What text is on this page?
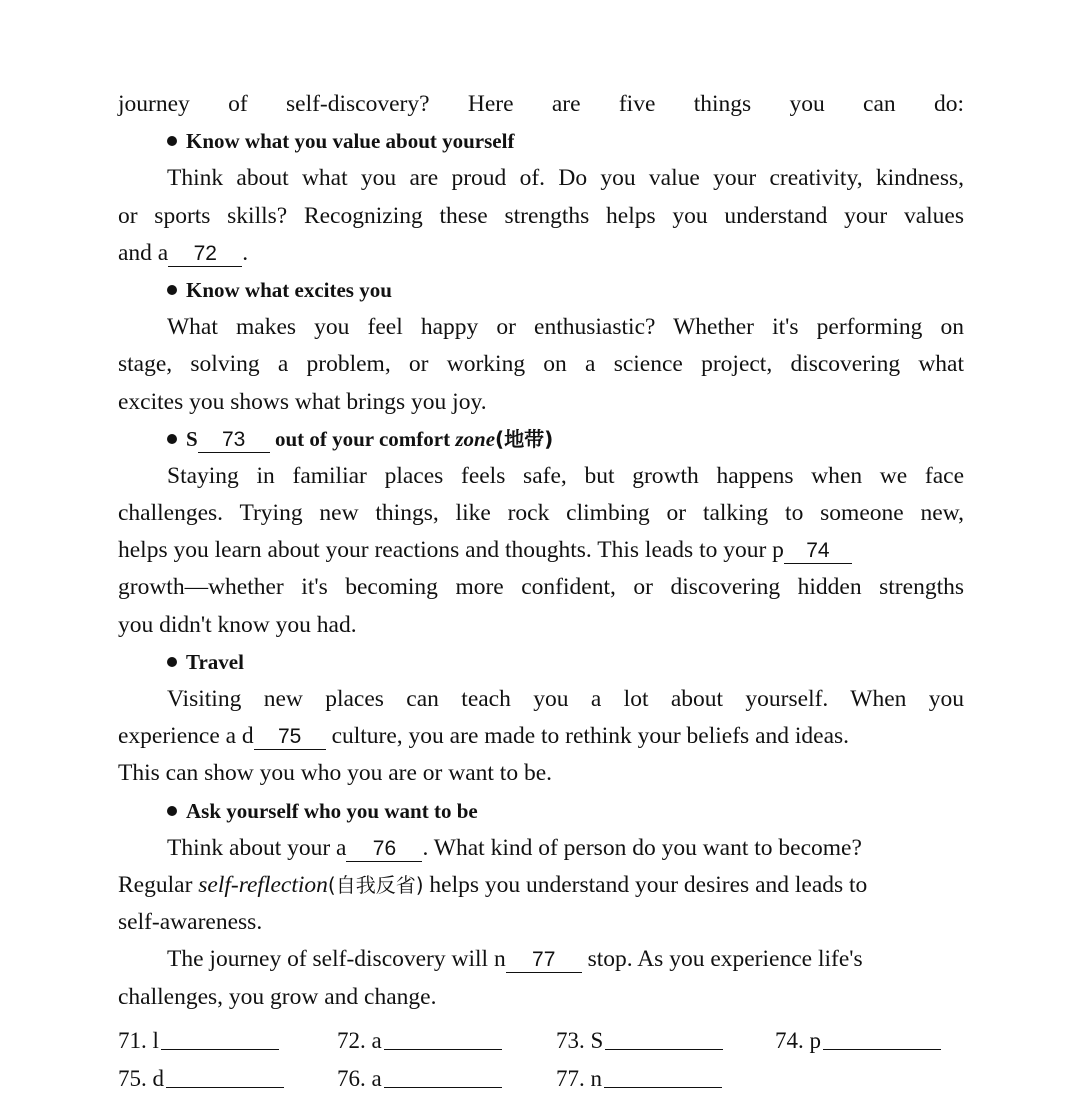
journey of self-discovery? Here are five things you can do:
Know what you value about yourself
Think about what you are proud of. Do you value your creativity, kindness,
or sports skills? Recognizing these strengths helps you understand your values
and a 72 .
Know what excites you
What makes you feel happy or enthusiastic? Whether it's performing on
stage, solving a problem, or working on a science project, discovering what
excites you shows what brings you joy.
S 73 out of your comfort zone(地带)
Staying in familiar places feels safe, but growth happens when we face
challenges. Trying new things, like rock climbing or talking to someone new,
helps you learn about your reactions and thoughts. This leads to your p 74
growth—whether it's becoming more confident, or discovering hidden strengths
you didn't know you had.
Travel
Visiting new places can teach you a lot about yourself. When you
experience a d 75 culture, you are made to rethink your beliefs and ideas.
This can show you who you are or want to be.
Ask yourself who you want to be
Think about your a 76 . What kind of person do you want to become?
Regular self-reflection(自我反省) helps you understand your desires and leads to
self-awareness.
The journey of self-discovery will n 77 stop. As you experience life's
challenges, you grow and change.
71. l	72. a	73. S	74. p
75. d	76. a	77. n
